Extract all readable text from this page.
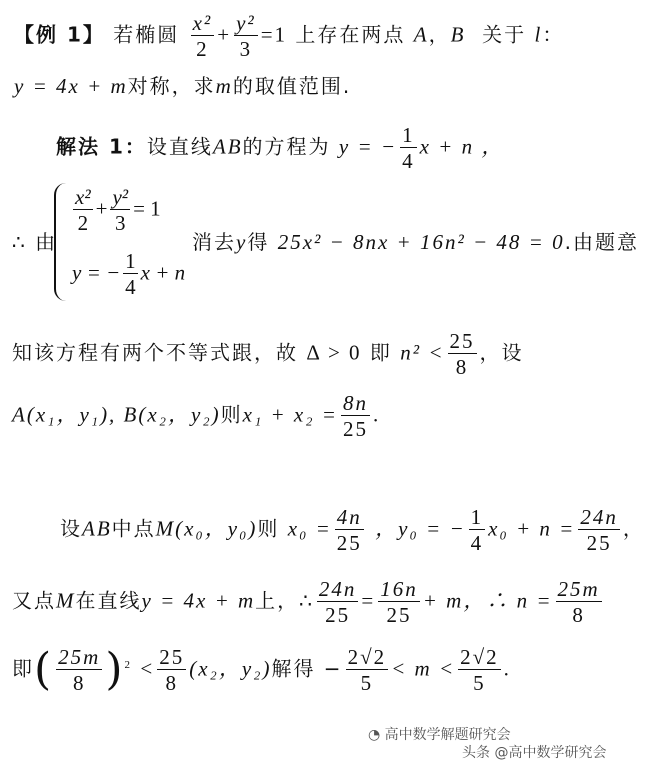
【例 1】 若椭圆 $\frac{\text{x²}}{2} + \frac{\text{y²}}{3} =1$ 上存在两点 A，B 关于 l：
y = 4x + m对称，求m的取值范围.
解法 1：设直线AB的方程为 y = − $\frac{1}{4}$ x + n ，
∴ 由
$\frac{\text{x²}}{2} + \frac{\text{y²}}{3} = 1$
y = − $\frac{1}{4}$ x + n
消去y得 25x² − 8nx + 16n² − 48 = 0.由题意
知该方程有两个不等式跟，故 Δ > 0 即 $n^2 < \frac{25}{8}$ ，设
A(x₁，y₁), B(x₂，y₂)则$x_1 + x_2 = \frac{8n}{25}$ .
设AB中点M(x₀，y₀)则 $x_0 = \frac{4n}{25}$ ，y₀ = − $\frac{1}{4} x_0 + n = \frac{24n}{25}$ ，
又点M在直线y = 4x + m上，∴ $\frac{24n}{25} = \frac{16n}{25} + m$，∴ $n = \frac{25m}{8}$
即( $\frac{25m}{8} )^2 < \frac{25}{8} (x_2$，y₂)解得 − $\frac{2√2}{5} < m < \frac{2√2}{5}$ .
◔ 高中数学解题研究会
头条 @高中数学研究会
